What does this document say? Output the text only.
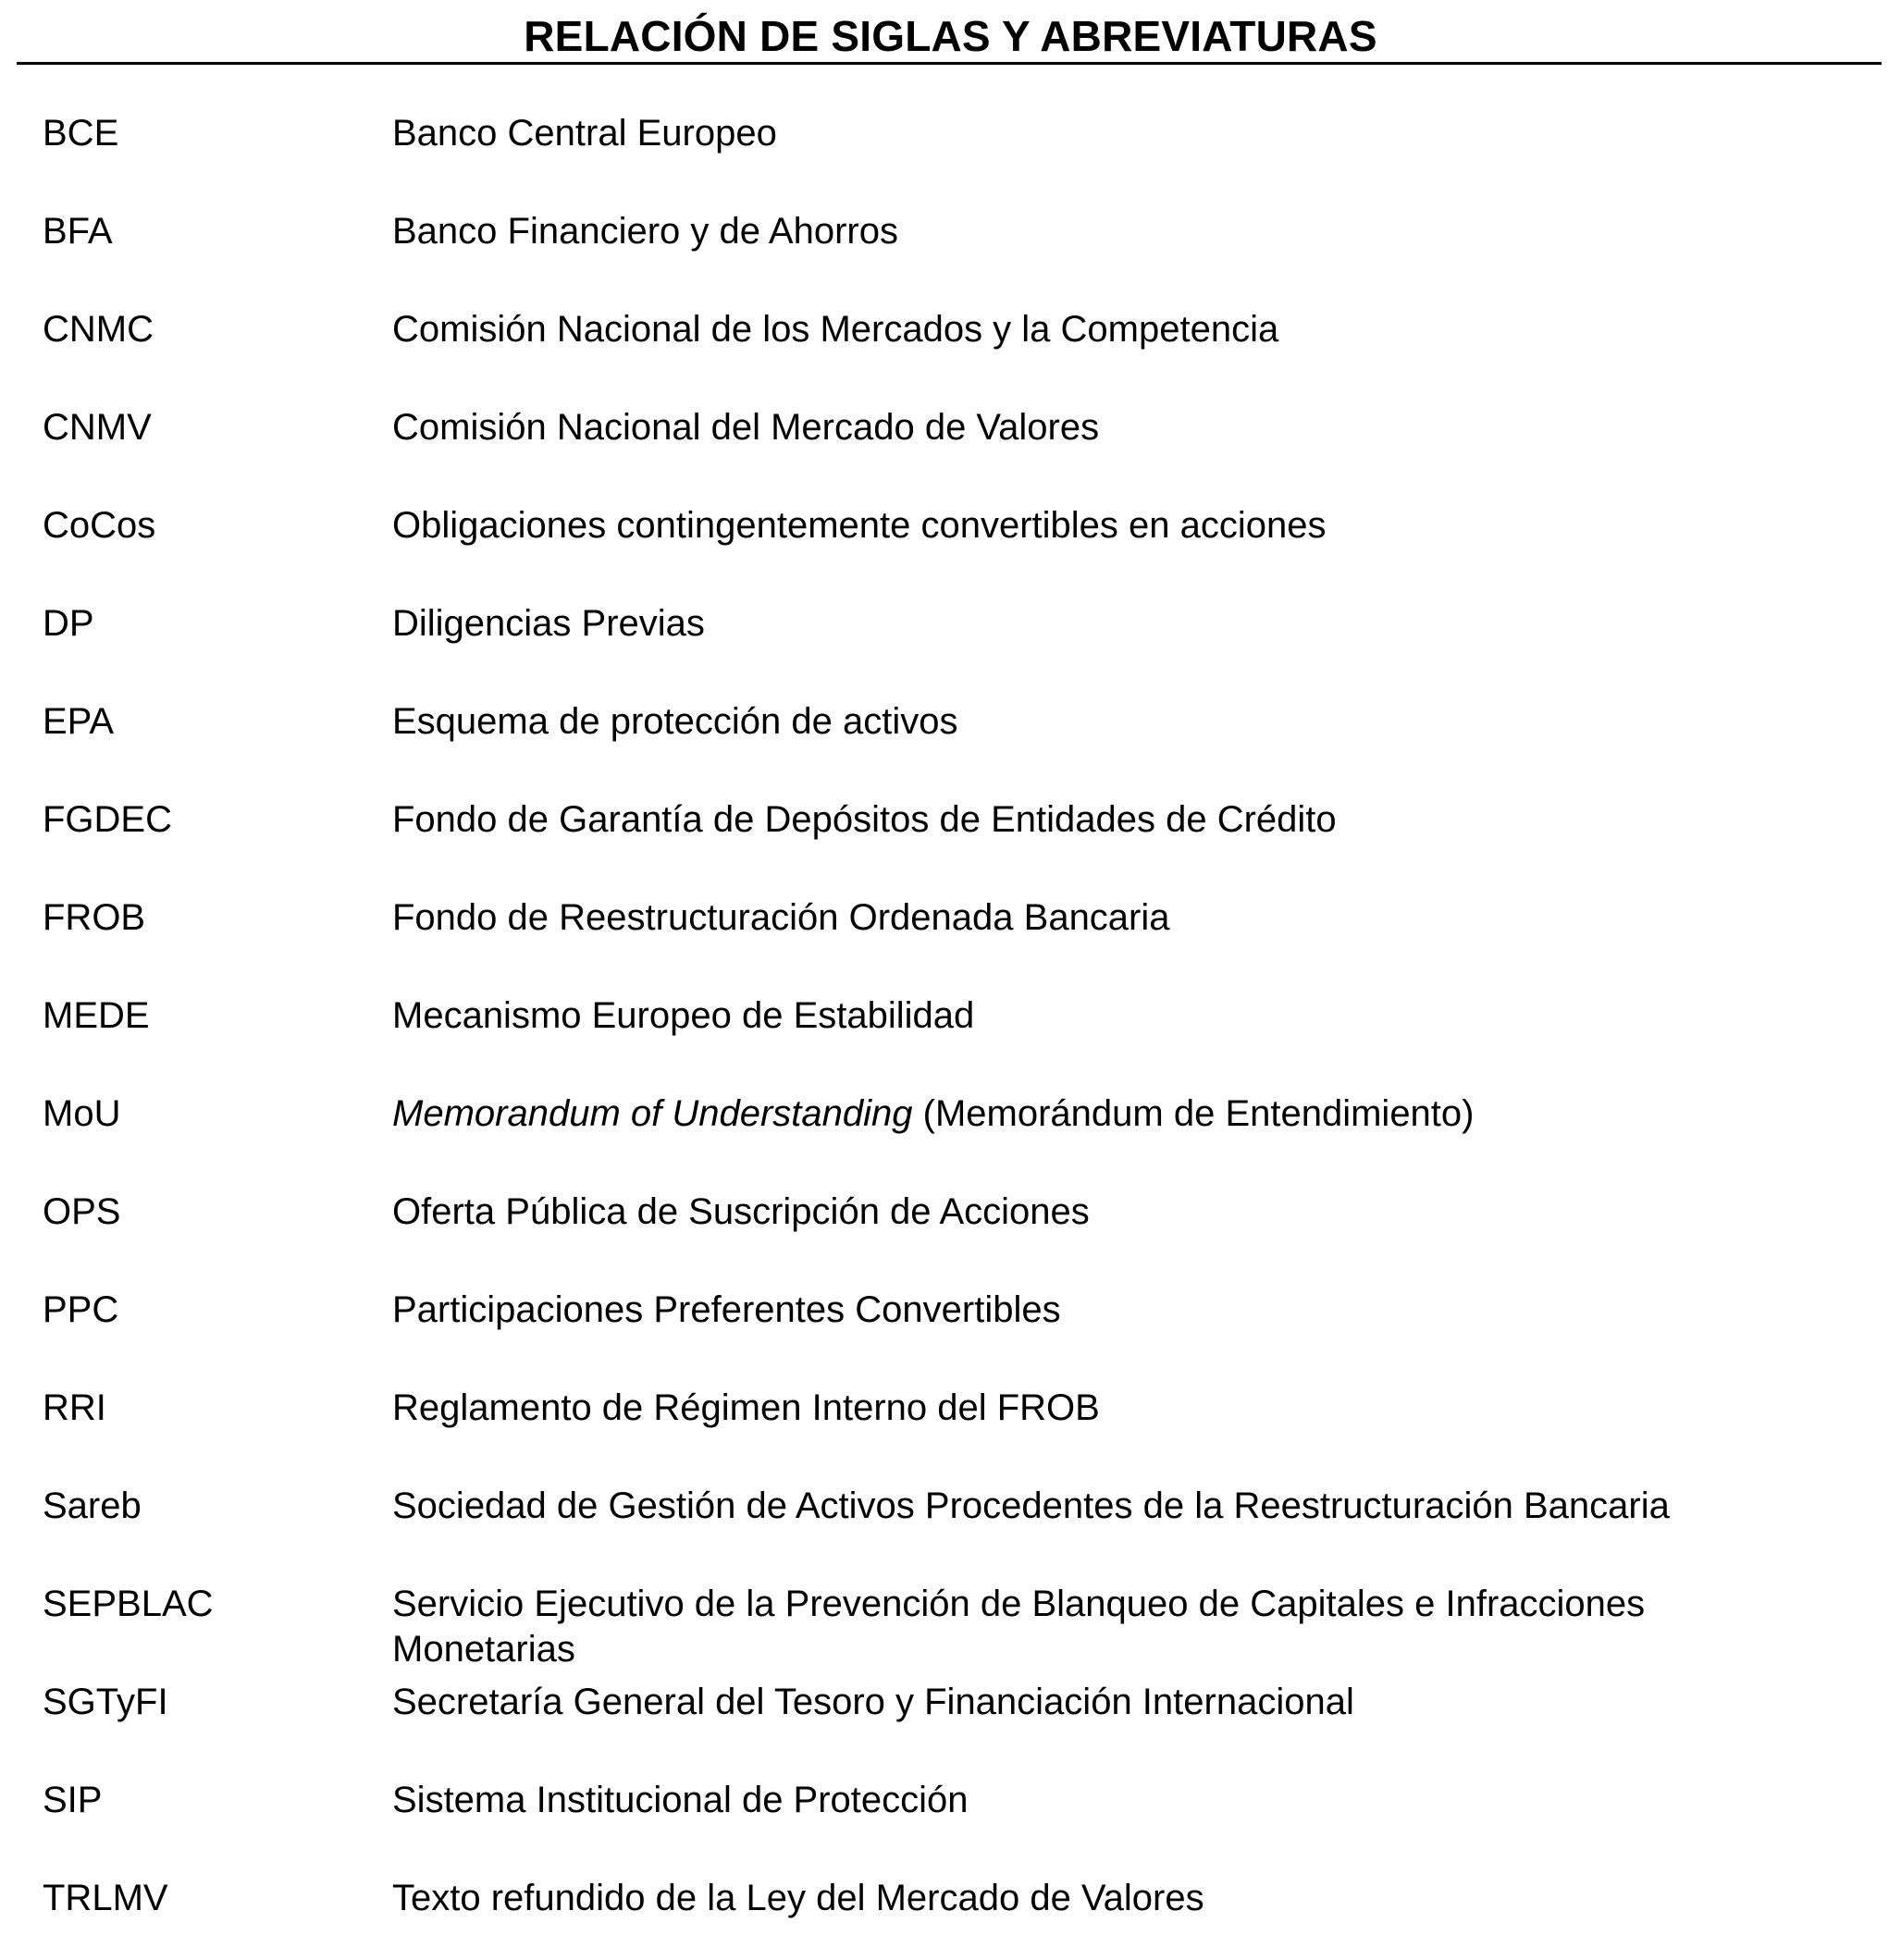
RELACIÓN DE SIGLAS Y ABREVIATURAS
BCE	Banco Central Europeo
BFA	Banco Financiero y de Ahorros
CNMC	Comisión Nacional de los Mercados y la Competencia
CNMV	Comisión Nacional del Mercado de Valores
CoCos	Obligaciones contingentemente convertibles en acciones
DP	Diligencias Previas
EPA	Esquema de protección de activos
FGDEC	Fondo de Garantía de Depósitos de Entidades de Crédito
FROB	Fondo de Reestructuración Ordenada Bancaria
MEDE	Mecanismo Europeo de Estabilidad
MoU	Memorandum of Understanding (Memorándum de Entendimiento)
OPS	Oferta Pública de Suscripción de Acciones
PPC	Participaciones Preferentes Convertibles
RRI	Reglamento de Régimen Interno del FROB
Sareb	Sociedad de Gestión de Activos Procedentes de la Reestructuración Bancaria
SEPBLAC	Servicio Ejecutivo de la Prevención de Blanqueo de Capitales e Infracciones
Monetarias
SGTyFI	Secretaría General del Tesoro y Financiación Internacional
SIP	Sistema Institucional de Protección
TRLMV	Texto refundido de la Ley del Mercado de Valores
